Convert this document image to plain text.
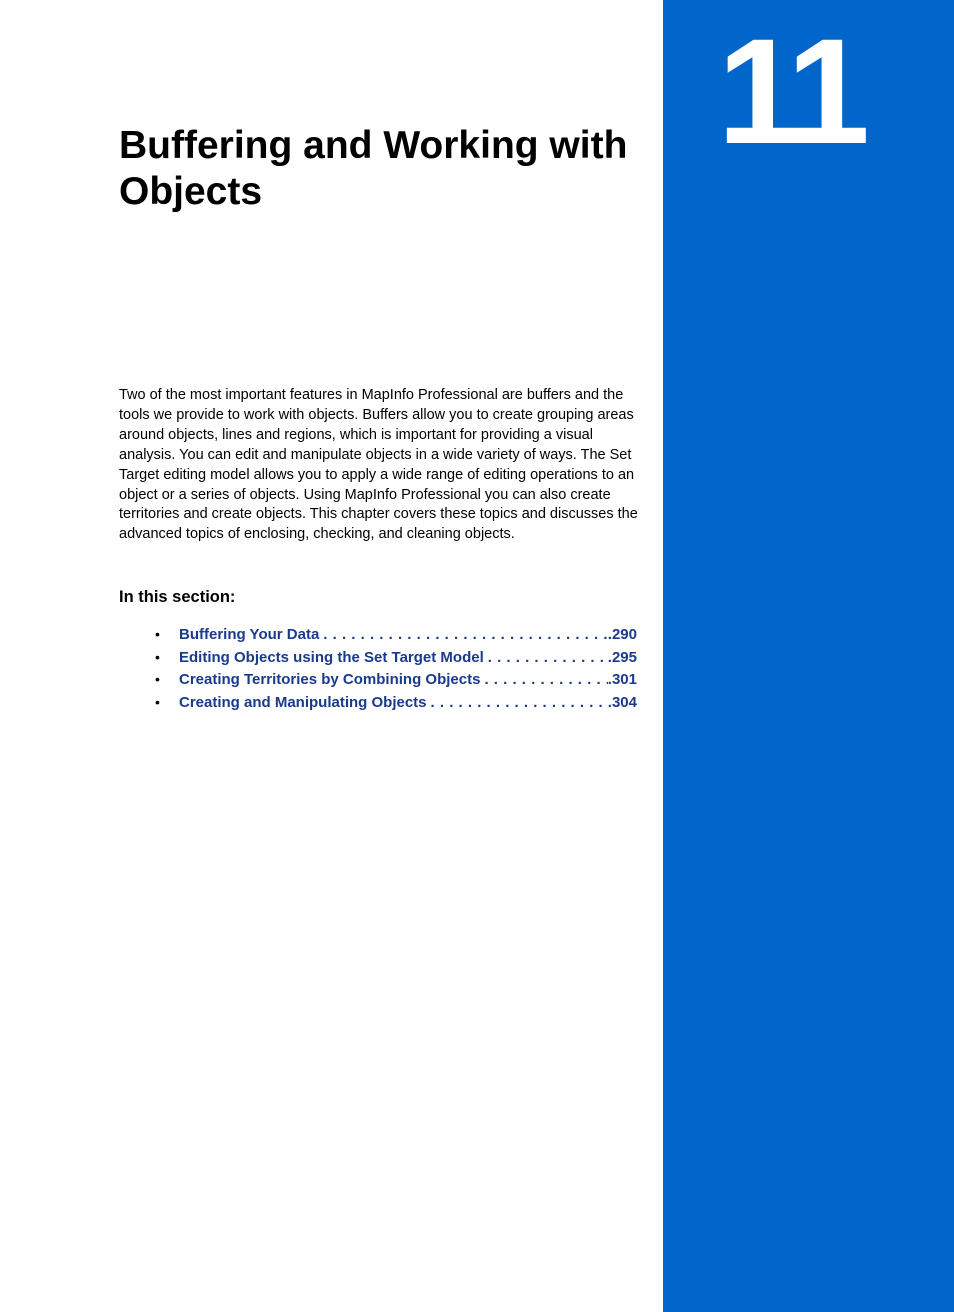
11
Buffering and Working with Objects

Two of the most important features in MapInfo Professional are buffers and the tools we provide to work with objects. Buffers allow you to create grouping areas around objects, lines and regions, which is important for providing a visual analysis. You can edit and manipulate objects in a wide variety of ways. The Set Target editing model allows you to apply a wide range of editing operations to an object or a series of objects. Using MapInfo Professional you can also create territories and create objects. This chapter covers these topics and discusses the advanced topics of enclosing, checking, and cleaning objects.

In this section:
•	Buffering Your Data . . .	.290
•	Editing Objects using the Set Target Model . . .	.295
•	Creating Territories by Combining Objects . . .	.301
•	Creating and Manipulating Objects . . .	.304
